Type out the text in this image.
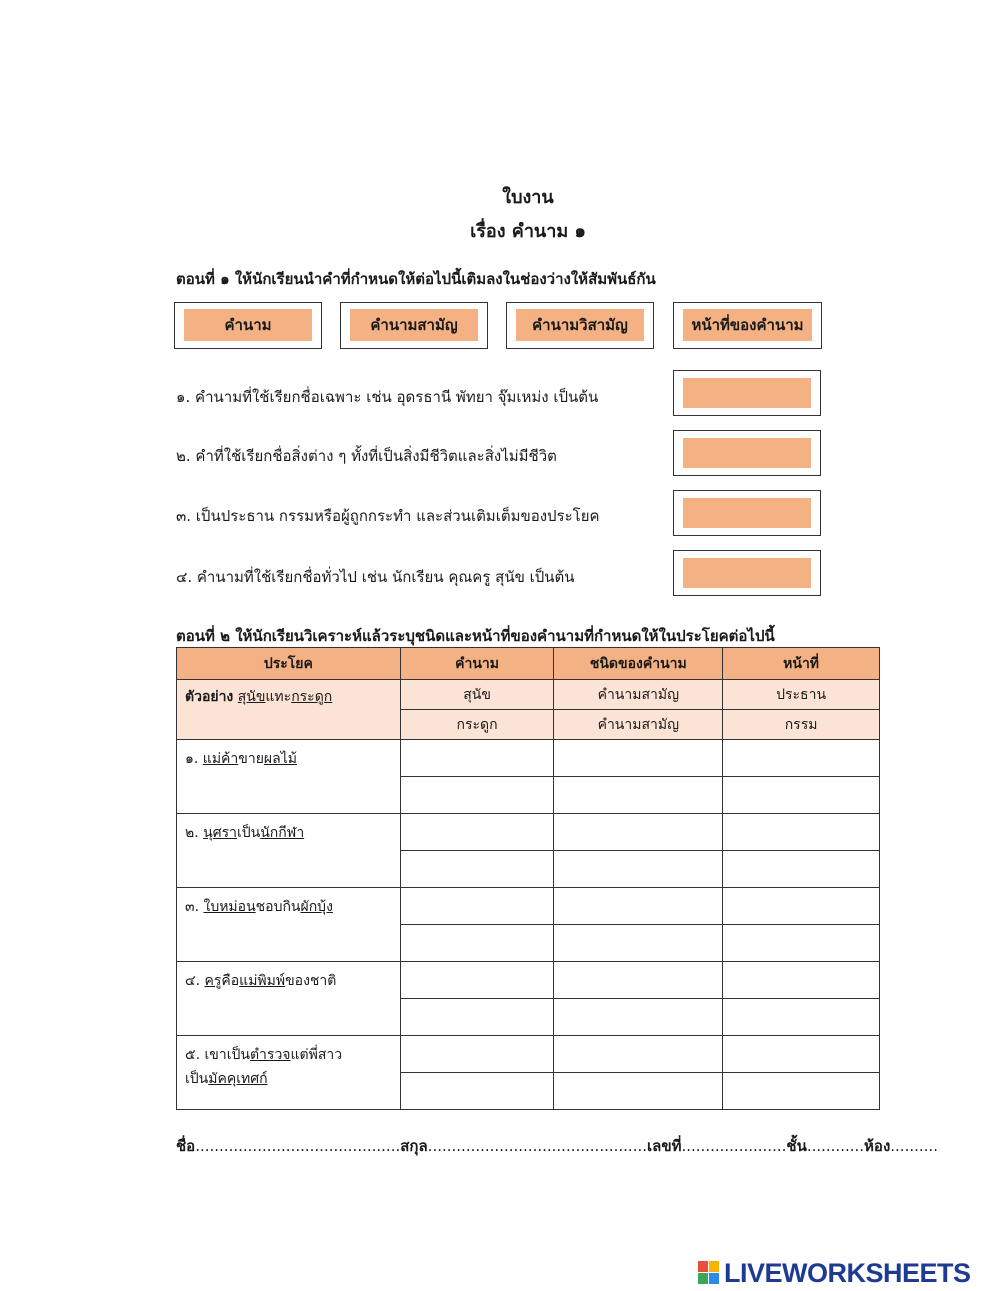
ใบงาน
เรื่อง คำนาม ๑
ตอนที่ ๑ ให้นักเรียนนำคำที่กำหนดให้ต่อไปนี้เติมลงในช่องว่างให้สัมพันธ์กัน
คำนาม	คำนามสามัญ	คำนามวิสามัญ	หน้าที่ของคำนาม
๑. คำนามที่ใช้เรียกชื่อเฉพาะ เช่น อุดรธานี พัทยา จุ๊มเหม่ง เป็นต้น
๒. คำที่ใช้เรียกชื่อสิ่งต่าง ๆ ทั้งที่เป็นสิ่งมีชีวิตและสิ่งไม่มีชีวิต
๓. เป็นประธาน กรรมหรือผู้ถูกกระทำ และส่วนเติมเต็มของประโยค
๔. คำนามที่ใช้เรียกชื่อทั่วไป เช่น นักเรียน คุณครู สุนัข เป็นต้น
ตอนที่ ๒ ให้นักเรียนวิเคราะห์แล้วระบุชนิดและหน้าที่ของคำนามที่กำหนดให้ในประโยคต่อไปนี้
ประโยค	คำนาม	ชนิดของคำนาม	หน้าที่
ตัวอย่าง สุนัขแทะกระดูก	สุนัข	คำนามสามัญ	ประธาน
	กระดูก	คำนามสามัญ	กรรม
๑. แม่ค้าขายผลไม้			

๒. นุศราเป็นนักกีฬา			

๓. ใบหม่อนชอบกินผักบุ้ง			

๔. ครูคือแม่พิมพ์ของชาติ			

๕. เขาเป็นตำรวจแต่พี่สาว
เป็นมัคคุเทศก์			

ชื่อ...........................................สกุล..............................................เลขที่......................ชั้น............ห้อง..........
LIVEWORKSHEETS
